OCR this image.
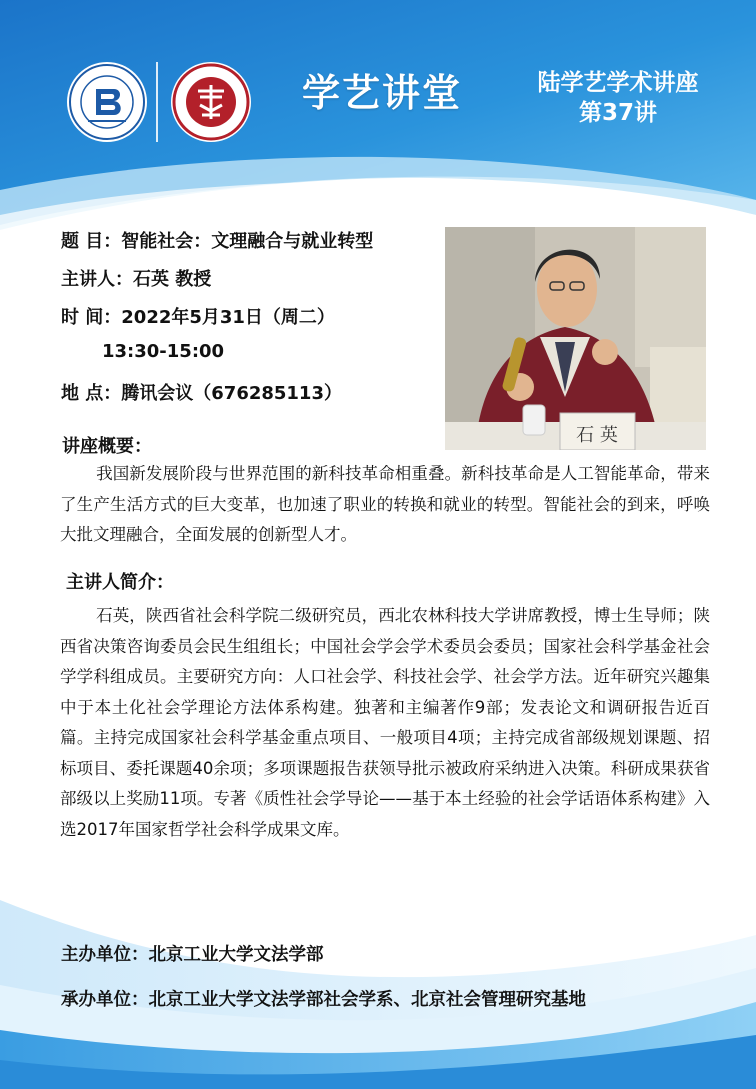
学艺讲堂	陆学艺学术讲座
第37讲
石 英
题 目：智能社会：文理融合与就业转型
主讲人：石英 教授
时 间：2022年5月31日（周二）
13:30-15:00
地 点：腾讯会议（676285113）
讲座概要：
我国新发展阶段与世界范围的新科技革命相重叠。新科技革命是人工智能革命，带来了生产生活方式的巨大变革，也加速了职业的转换和就业的转型。智能社会的到来，呼唤大批文理融合，全面发展的创新型人才。
主讲人简介：
石英，陕西省社会科学院二级研究员，西北农林科技大学讲席教授，博士生导师；陕西省决策咨询委员会民生组组长；中国社会学会学术委员会委员；国家社会科学基金社会学学科组成员。主要研究方向：人口社会学、科技社会学、社会学方法。近年研究兴趣集中于本土化社会学理论方法体系构建。独著和主编著作9部；发表论文和调研报告近百篇。主持完成国家社会科学基金重点项目、一般项目4项；主持完成省部级规划课题、招标项目、委托课题40余项；多项课题报告获领导批示被政府采纳进入决策。科研成果获省部级以上奖励11项。专著《质性社会学导论——基于本土经验的社会学话语体系构建》入选2017年国家哲学社会科学成果文库。
主办单位：北京工业大学文法学部
承办单位：北京工业大学文法学部社会学系、北京社会管理研究基地
